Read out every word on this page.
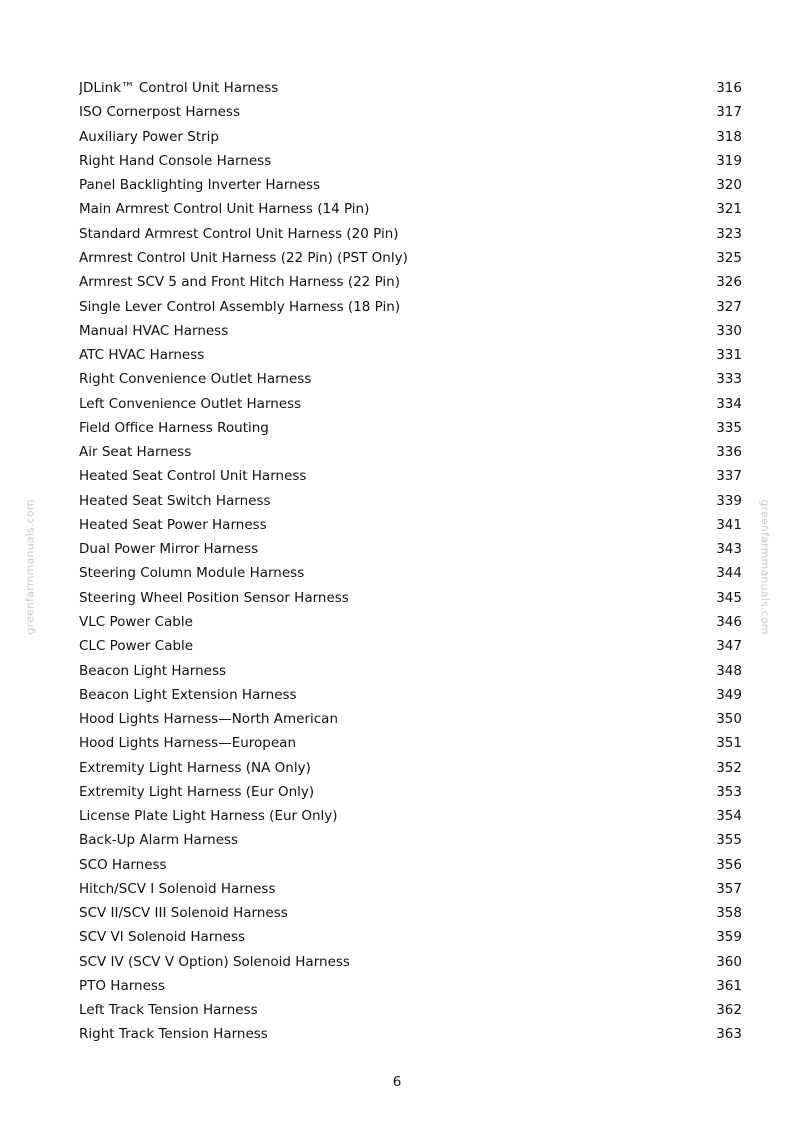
greenfarmmanuals.com	greenfarmmanuals.com
JDLink™ Control Unit Harness	316
ISO Cornerpost Harness	317
Auxiliary Power Strip	318
Right Hand Console Harness	319
Panel Backlighting Inverter Harness	320
Main Armrest Control Unit Harness (14 Pin)	321
Standard Armrest Control Unit Harness (20 Pin)	323
Armrest Control Unit Harness (22 Pin) (PST Only)	325
Armrest SCV 5 and Front Hitch Harness (22 Pin)	326
Single Lever Control Assembly Harness (18 Pin)	327
Manual HVAC Harness	330
ATC HVAC Harness	331
Right Convenience Outlet Harness	333
Left Convenience Outlet Harness	334
Field Office Harness Routing	335
Air Seat Harness	336
Heated Seat Control Unit Harness	337
Heated Seat Switch Harness	339
Heated Seat Power Harness	341
Dual Power Mirror Harness	343
Steering Column Module Harness	344
Steering Wheel Position Sensor Harness	345
VLC Power Cable	346
CLC Power Cable	347
Beacon Light Harness	348
Beacon Light Extension Harness	349
Hood Lights Harness—North American	350
Hood Lights Harness—European	351
Extremity Light Harness (NA Only)	352
Extremity Light Harness (Eur Only)	353
License Plate Light Harness (Eur Only)	354
Back-Up Alarm Harness	355
SCO Harness	356
Hitch/SCV I Solenoid Harness	357
SCV II/SCV III Solenoid Harness	358
SCV VI Solenoid Harness	359
SCV IV (SCV V Option) Solenoid Harness	360
PTO Harness	361
Left Track Tension Harness	362
Right Track Tension Harness	363
6
